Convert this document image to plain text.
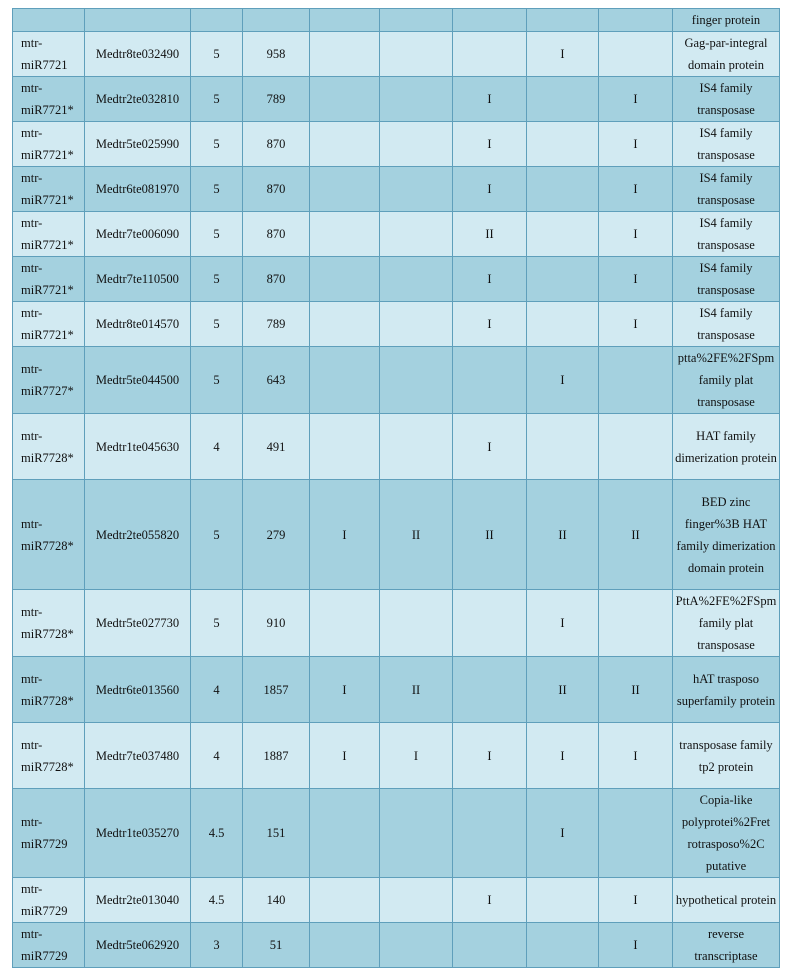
									finger protein
mtr-miR7721	Medtr8te032490	5	958				I		Gag-par-integral domain protein
mtr-miR7721*	Medtr2te032810	5	789			I		I	IS4 family transposase
mtr-miR7721*	Medtr5te025990	5	870			I		I	IS4 family transposase
mtr-miR7721*	Medtr6te081970	5	870			I		I	IS4 family transposase
mtr-miR7721*	Medtr7te006090	5	870			II		I	IS4 family transposase
mtr-miR7721*	Medtr7te110500	5	870			I		I	IS4 family transposase
mtr-miR7721*	Medtr8te014570	5	789			I		I	IS4 family transposase
mtr-miR7727*	Medtr5te044500	5	643				I		ptta%2FE%2FSpm family plat transposase
mtr-miR7728*	Medtr1te045630	4	491			I			HAT family dimerization protein
mtr-miR7728*	Medtr2te055820	5	279	I	II	II	II	II	BED zinc finger%3B HAT family dimerization domain protein
mtr-miR7728*	Medtr5te027730	5	910				I		PttA%2FE%2FSpm family plat transposase
mtr-miR7728*	Medtr6te013560	4	1857	I	II		II	II	hAT trasposo superfamily protein
mtr-miR7728*	Medtr7te037480	4	1887	I	I	I	I	I	transposase family tp2 protein
mtr-miR7729	Medtr1te035270	4.5	151				I		Copia-like polyprotei%2Fret rotrasposo%2C putative
mtr-miR7729	Medtr2te013040	4.5	140			I		I	hypothetical protein
mtr-miR7729	Medtr5te062920	3	51					I	reverse transcriptase
